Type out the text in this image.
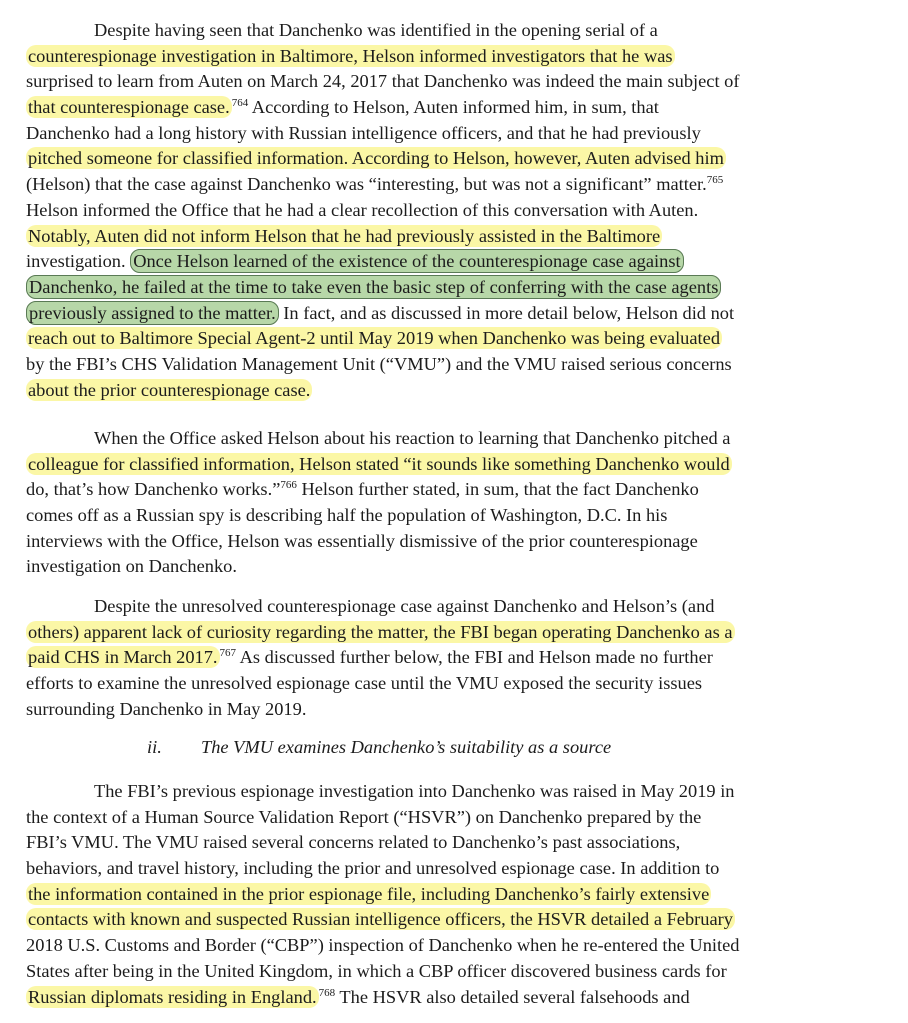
Despite having seen that Danchenko was identified in the opening serial of a
counterespionage investigation in Baltimore, Helson informed investigators that he was
surprised to learn from Auten on March 24, 2017 that Danchenko was indeed the main subject of
that counterespionage case. $^{764}$ According to Helson, Auten informed him, in sum, that
Danchenko had a long history with Russian intelligence officers, and that he had previously
pitched someone for classified information. According to Helson, however, Auten advised him
(Helson) that the case against Danchenko was “interesting, but was not a significant” matter.$^{765}$
Helson informed the Office that he had a clear recollection of this conversation with Auten.
Notably, Auten did not inform Helson that he had previously assisted in the Baltimore
investigation. Once Helson learned of the existence of the counterespionage case against
Danchenko, he failed at the time to take even the basic step of conferring with the case agents
previously assigned to the matter. In fact, and as discussed in more detail below, Helson did not
reach out to Baltimore Special Agent-2 until May 2019 when Danchenko was being evaluated
by the FBI’s CHS Validation Management Unit (“VMU”) and the VMU raised serious concerns
about the prior counterespionage case.
When the Office asked Helson about his reaction to learning that Danchenko pitched a
colleague for classified information, Helson stated “it sounds like something Danchenko would
do, that’s how Danchenko works.”$^{766}$ Helson further stated, in sum, that the fact Danchenko
comes off as a Russian spy is describing half the population of Washington, D.C. In his
interviews with the Office, Helson was essentially dismissive of the prior counterespionage
investigation on Danchenko.
Despite the unresolved counterespionage case against Danchenko and Helson’s (and
others) apparent lack of curiosity regarding the matter, the FBI began operating Danchenko as a
paid CHS in March 2017. $^{767}$ As discussed further below, the FBI and Helson made no further
efforts to examine the unresolved espionage case until the VMU exposed the security issues
surrounding Danchenko in May 2019.
ii. The VMU examines Danchenko’s suitability as a source
The FBI’s previous espionage investigation into Danchenko was raised in May 2019 in
the context of a Human Source Validation Report (“HSVR”) on Danchenko prepared by the
FBI’s VMU. The VMU raised several concerns related to Danchenko’s past associations,
behaviors, and travel history, including the prior and unresolved espionage case. In addition to
the information contained in the prior espionage file, including Danchenko’s fairly extensive
contacts with known and suspected Russian intelligence officers, the HSVR detailed a February
2018 U.S. Customs and Border (“CBP”) inspection of Danchenko when he re-entered the United
States after being in the United Kingdom, in which a CBP officer discovered business cards for
Russian diplomats residing in England. $^{768}$ The HSVR also detailed several falsehoods and
